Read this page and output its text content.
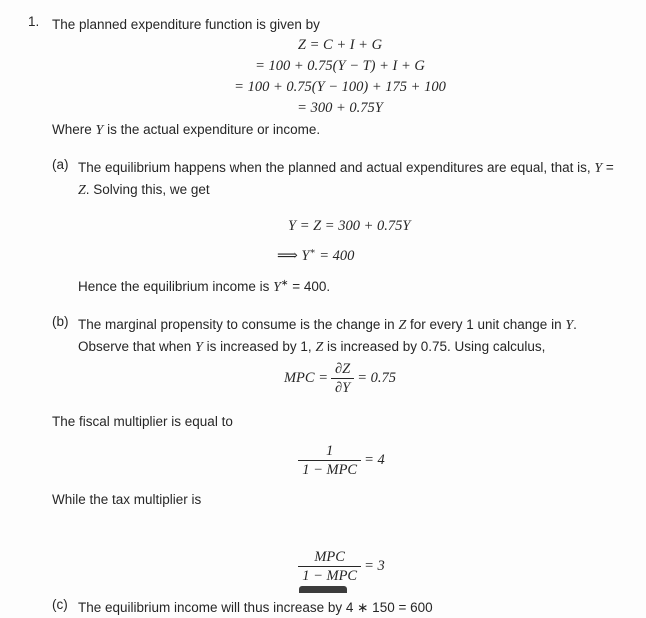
1. The planned expenditure function is given by

Z = C + I + G
= 100 + 0.75(Y − T) + I + G
= 100 + 0.75(Y − 100) + 175 + 100
= 300 + 0.75Y

Where Y is the actual expenditure or income.

(a) The equilibrium happens when the planned and actual expenditures are equal, that is, Y = Z. Solving this, we get

Y = Z = 300 + 0.75Y
⟹ Y∗ = 400

Hence the equilibrium income is Y∗ = 400.

(b) The marginal propensity to consume is the change in Z for every 1 unit change in Y. Observe that when Y is increased by 1, Z is increased by 0.75. Using calculus,

MPC = $\frac{\partial Z}{\partial Y} = 0.75$

The fiscal multiplier is equal to

$\frac{1}{\text{1 − MPC}} = 4$

While the tax multiplier is

$\frac{\text{MPC}}{\text{1 − MPC}} = 3$
(c) The equilibrium income will thus increase by 4 ∗ 150 = 600
